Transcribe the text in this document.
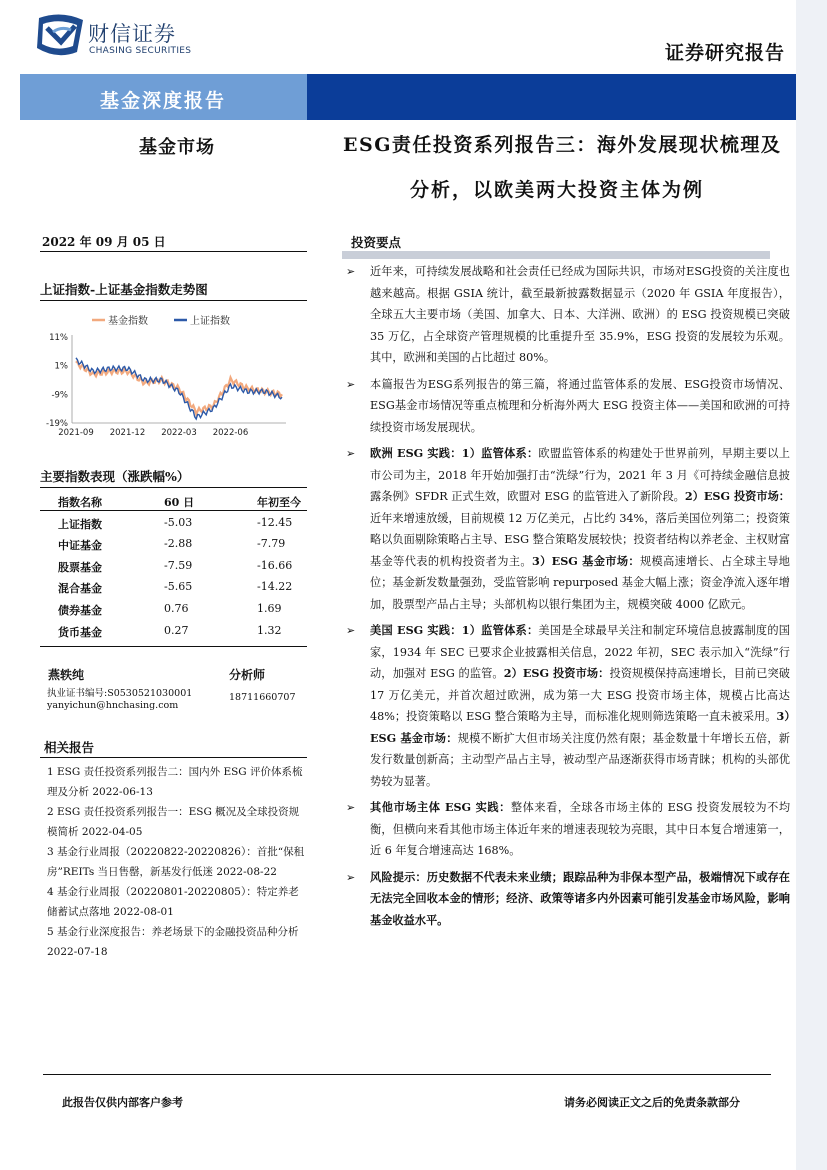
财信证券
CHASING SECURITIES	证券研究报告
基金深度报告
基金市场	ESG责任投资系列报告三：海外发展现状梳理及
分析，以欧美两大投资主体为例
2022 年 09 月 05 日
上证指数-上证基金指数走势图
11%
1%
-9%
-19%
2021-09 2021-12 2022-03 2022-06
基金指数	上证指数
主要指数表现（涨跌幅%）
指数名称	60 日	年初至今
上证指数	-5.03	-12.45
中证基金	-2.88	-7.79
股票基金	-7.59	-16.66
混合基金	-5.65	-14.22
债券基金	0.76	1.69
货币基金	0.27	1.32
燕轶纯	分析师
执业证书编号:S0530521030001	18711660707
yanyichun@hnchasing.com
相关报告
1 ESG 责任投资系列报告二：国内外 ESG 评价体系梳理及分析 2022-06-13
2 ESG 责任投资系列报告一：ESG 概况及全球投资规模简析 2022-04-05
3 基金行业周报（20220822-20220826）：首批“保租房”REITs 当日售罄，新基发行低迷 2022-08-22
4 基金行业周报（20220801-20220805）：特定养老储蓄试点落地 2022-08-01
5 基金行业深度报告：养老场景下的金融投资品种分析 2022-07-18
投资要点
➢ 近年来，可持续发展战略和社会责任已经成为国际共识，市场对ESG投资的关注度也越来越高。根据 GSIA 统计，截至最新披露数据显示（2020 年 GSIA 年度报告），全球五大主要市场（美国、加拿大、日本、大洋洲、欧洲）的 ESG 投资规模已突破 35 万亿，占全球资产管理规模的比重提升至 35.9%，ESG 投资的发展较为乐观。其中，欧洲和美国的占比超过 80%。
➢ 本篇报告为ESG系列报告的第三篇，将通过监管体系的发展、ESG投资市场情况、ESG基金市场情况等重点梳理和分析海外两大 ESG 投资主体——美国和欧洲的可持续投资市场发展现状。
➢ 欧洲 ESG 实践：1）监管体系：欧盟监管体系的构建处于世界前列，早期主要以上市公司为主，2018 年开始加强打击“洗绿”行为，2021 年 3 月《可持续金融信息披露条例》SFDR 正式生效，欧盟对 ESG 的监管进入了新阶段。2）ESG 投资市场：近年来增速放缓，目前规模 12 万亿美元，占比约 34%，落后美国位列第二；投资策略以负面剔除策略占主导、ESG 整合策略发展较快；投资者结构以养老金、主权财富基金等代表的机构投资者为主。3）ESG 基金市场：规模高速增长、占全球主导地位；基金新发数量强劲，受监管影响 repurposed 基金大幅上涨；资金净流入逐年增加，股票型产品占主导；头部机构以银行集团为主，规模突破 4000 亿欧元。
➢ 美国 ESG 实践：1）监管体系：美国是全球最早关注和制定环境信息披露制度的国家，1934 年 SEC 已要求企业披露相关信息，2022 年初，SEC 表示加入“洗绿”行动，加强对 ESG 的监管。2）ESG 投资市场：投资规模保持高速增长，目前已突破 17 万亿美元，并首次超过欧洲，成为第一大 ESG 投资市场主体，规模占比高达 48%；投资策略以 ESG 整合策略为主导，而标准化规则筛选策略一直未被采用。3）ESG 基金市场：规模不断扩大但市场关注度仍然有限；基金数量十年增长五倍，新发行数量创新高；主动型产品占主导，被动型产品逐渐获得市场青睐；机构的头部优势较为显著。
➢ 其他市场主体 ESG 实践：整体来看，全球各市场主体的 ESG 投资发展较为不均衡，但横向来看其他市场主体近年来的增速表现较为亮眼，其中日本复合增速第一，近 6 年复合增速高达 168%。
➢ 风险提示：历史数据不代表未来业绩；跟踪品种为非保本型产品，极端情况下或存在无法完全回收本金的情形；经济、政策等诸多内外因素可能引发基金市场风险，影响基金收益水平。
此报告仅供内部客户参考	请务必阅读正文之后的免责条款部分
